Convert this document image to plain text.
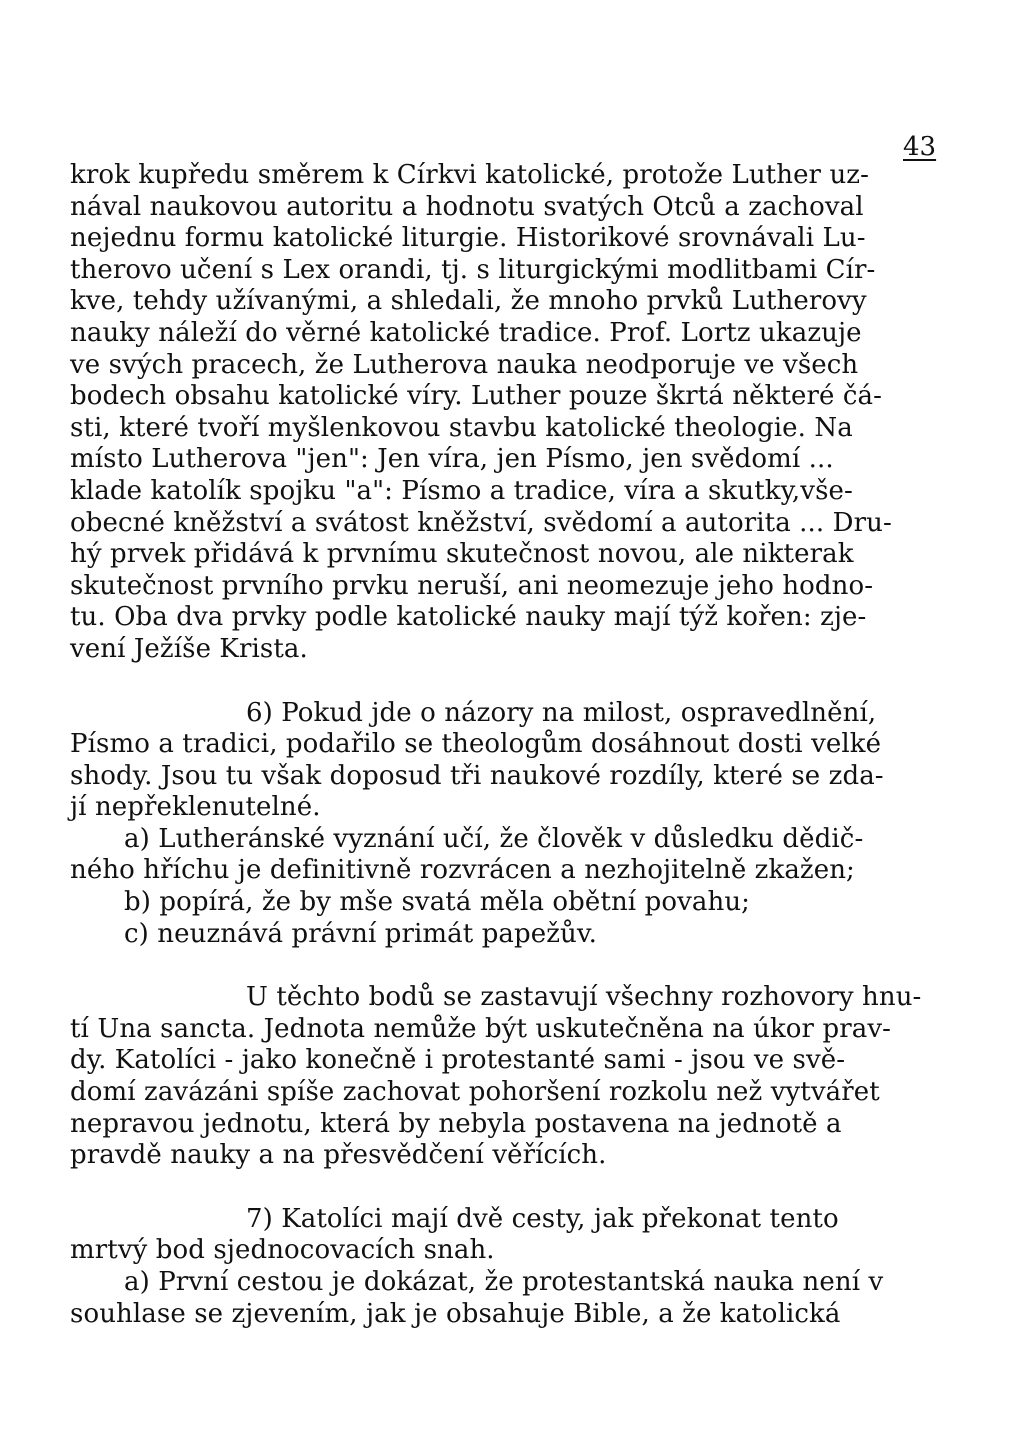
43
krok kupředu směrem k Církvi katolické, protože Luther uz-
nával naukovou autoritu a hodnotu svatých Otců a zachoval
nejednu formu katolické liturgie. Historikové srovnávali Lu-
therovo učení s Lex orandi, tj. s liturgickými modlitbami Cír-
kve, tehdy užívanými, a shledali, že mnoho prvků Lutherovy
nauky náleží do věrné katolické tradice. Prof. Lortz ukazuje
ve svých pracech, že Lutherova nauka neodporuje ve všech
bodech obsahu katolické víry. Luther pouze škrtá některé čá-
sti, které tvoří myšlenkovou stavbu katolické theologie. Na
místo Lutherova "jen": Jen víra, jen Písmo, jen svědomí ...
klade katolík spojku "a": Písmo a tradice, víra a skutky,vše-
obecné kněžství a svátost kněžství, svědomí a autorita ... Dru-
hý prvek přidává k prvnímu skutečnost novou, ale nikterak
skutečnost prvního prvku neruší, ani neomezuje jeho hodno-
tu. Oba dva prvky podle katolické nauky mají týž kořen: zje-
vení Ježíše Krista.
6) Pokud jde o názory na milost, ospravedlnění,
Písmo a tradici, podařilo se theologům dosáhnout dosti velké
shody. Jsou tu však doposud tři naukové rozdíly, které se zda-
jí nepřeklenutelné.
a) Lutheránské vyznání učí, že člověk v důsledku dědič-
ného hříchu je definitivně rozvrácen a nezhojitelně zkažen;
b) popírá, že by mše svatá měla obětní povahu;
c) neuznává právní primát papežův.
U těchto bodů se zastavují všechny rozhovory hnu-
tí Una sancta. Jednota nemůže být uskutečněna na úkor prav-
dy. Katolíci - jako konečně i protestanté sami - jsou ve svě-
domí zavázáni spíše zachovat pohoršení rozkolu než vytvářet
nepravou jednotu, která by nebyla postavena na jednotě a
pravdě nauky a na přesvědčení věřících.
7) Katolíci mají dvě cesty, jak překonat tento
mrtvý bod sjednocovacích snah.
a) První cestou je dokázat, že protestantská nauka není v
souhlase se zjevením, jak je obsahuje Bible, a že katolická
